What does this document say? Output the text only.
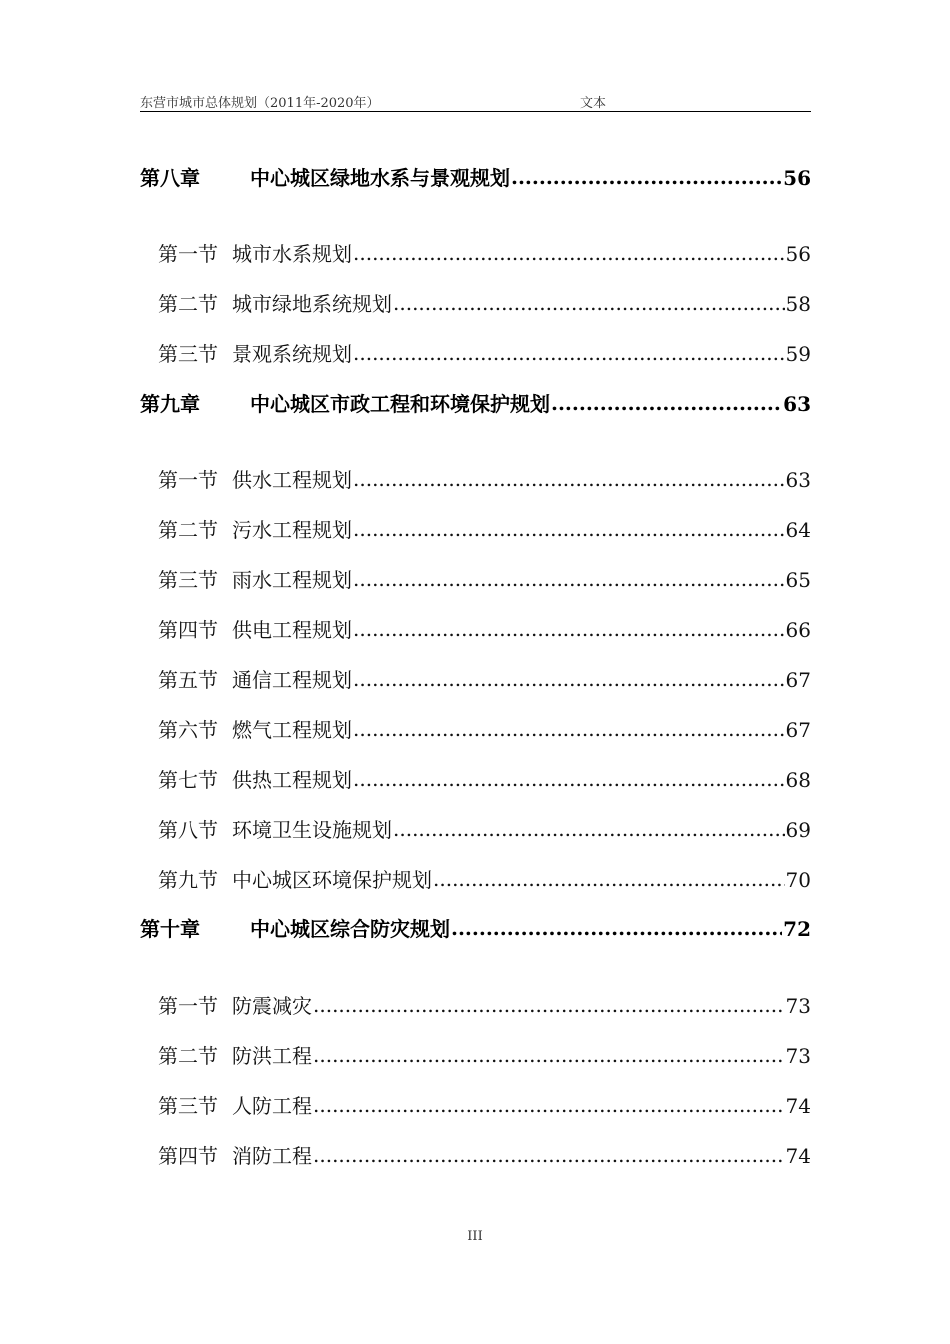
东营市城市总体规划（2011年-2020年）	文本
第八章	中心城区绿地水系与景观规划 .....	56
第一节 城市水系规划 .....	56
第二节 城市绿地系统规划 .....	58
第三节 景观系统规划 .....	59
第九章	中心城区市政工程和环境保护规划 .....	63
第一节 供水工程规划 .....	63
第二节 污水工程规划 .....	64
第三节 雨水工程规划 .....	65
第四节 供电工程规划 .....	66
第五节 通信工程规划 .....	67
第六节 燃气工程规划 .....	67
第七节 供热工程规划 .....	68
第八节 环境卫生设施规划 .....	69
第九节 中心城区环境保护规划 .....	70
第十章	中心城区综合防灾规划 .....	72
第一节 防震减灾 .....	73
第二节 防洪工程 .....	73
第三节 人防工程 .....	74
第四节 消防工程 .....	74
III
